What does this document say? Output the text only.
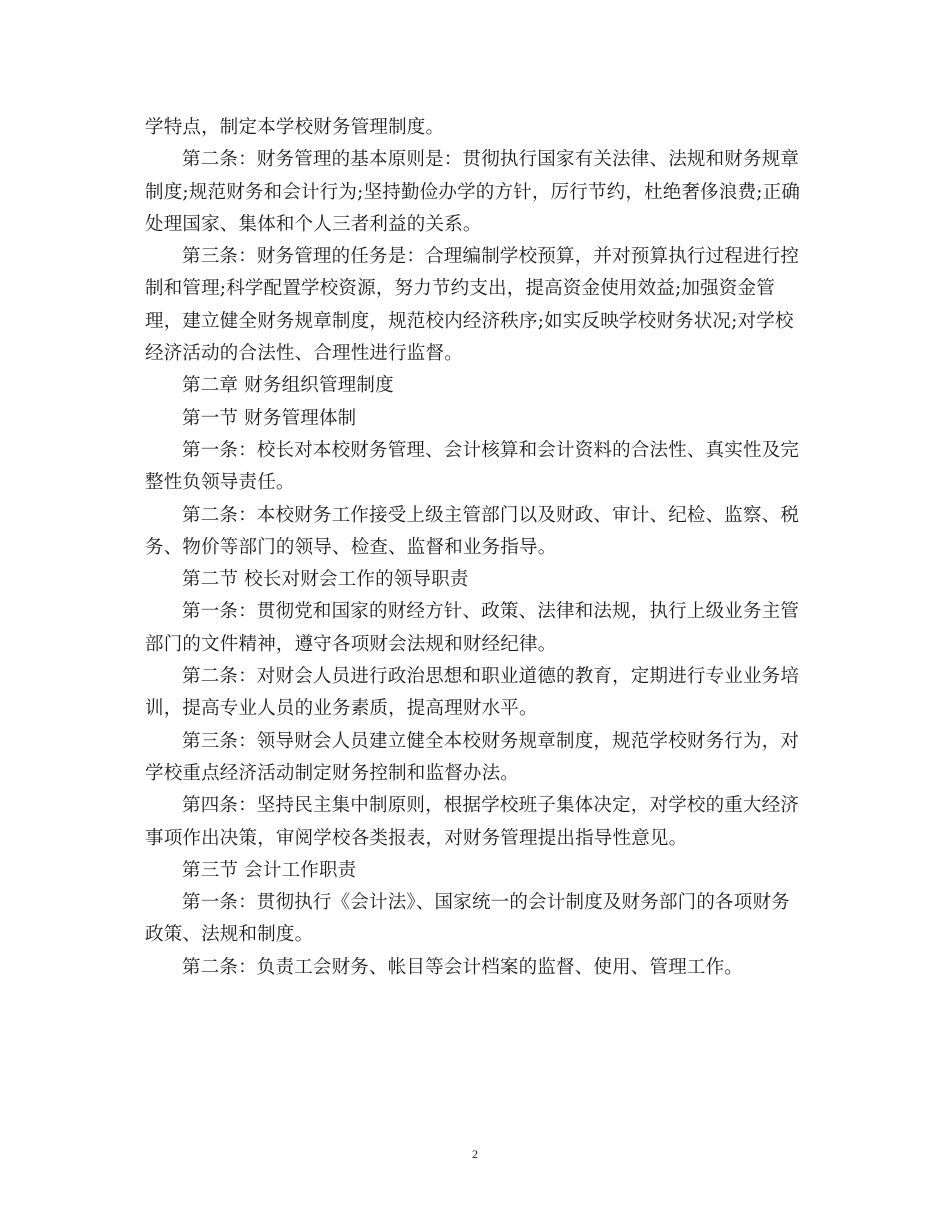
学特点，制定本学校财务管理制度。
第二条：财务管理的基本原则是：贯彻执行国家有关法律、法规和财务规章
制度;规范财务和会计行为;坚持勤俭办学的方针，厉行节约，杜绝奢侈浪费;正确
处理国家、集体和个人三者利益的关系。
第三条：财务管理的任务是：合理编制学校预算，并对预算执行过程进行控
制和管理;科学配置学校资源，努力节约支出，提高资金使用效益;加强资金管
理，建立健全财务规章制度，规范校内经济秩序;如实反映学校财务状况;对学校
经济活动的合法性、合理性进行监督。
第二章 财务组织管理制度
第一节 财务管理体制
第一条：校长对本校财务管理、会计核算和会计资料的合法性、真实性及完
整性负领导责任。
第二条：本校财务工作接受上级主管部门以及财政、审计、纪检、监察、税
务、物价等部门的领导、检查、监督和业务指导。
第二节 校长对财会工作的领导职责
第一条：贯彻党和国家的财经方针、政策、法律和法规，执行上级业务主管
部门的文件精神，遵守各项财会法规和财经纪律。
第二条：对财会人员进行政治思想和职业道德的教育，定期进行专业业务培
训，提高专业人员的业务素质，提高理财水平。
第三条：领导财会人员建立健全本校财务规章制度，规范学校财务行为，对
学校重点经济活动制定财务控制和监督办法。
第四条：坚持民主集中制原则，根据学校班子集体决定，对学校的重大经济
事项作出决策，审阅学校各类报表，对财务管理提出指导性意见。
第三节 会计工作职责
第一条：贯彻执行《会计法》、国家统一的会计制度及财务部门的各项财务
政策、法规和制度。
第二条：负责工会财务、帐目等会计档案的监督、使用、管理工作。
2
